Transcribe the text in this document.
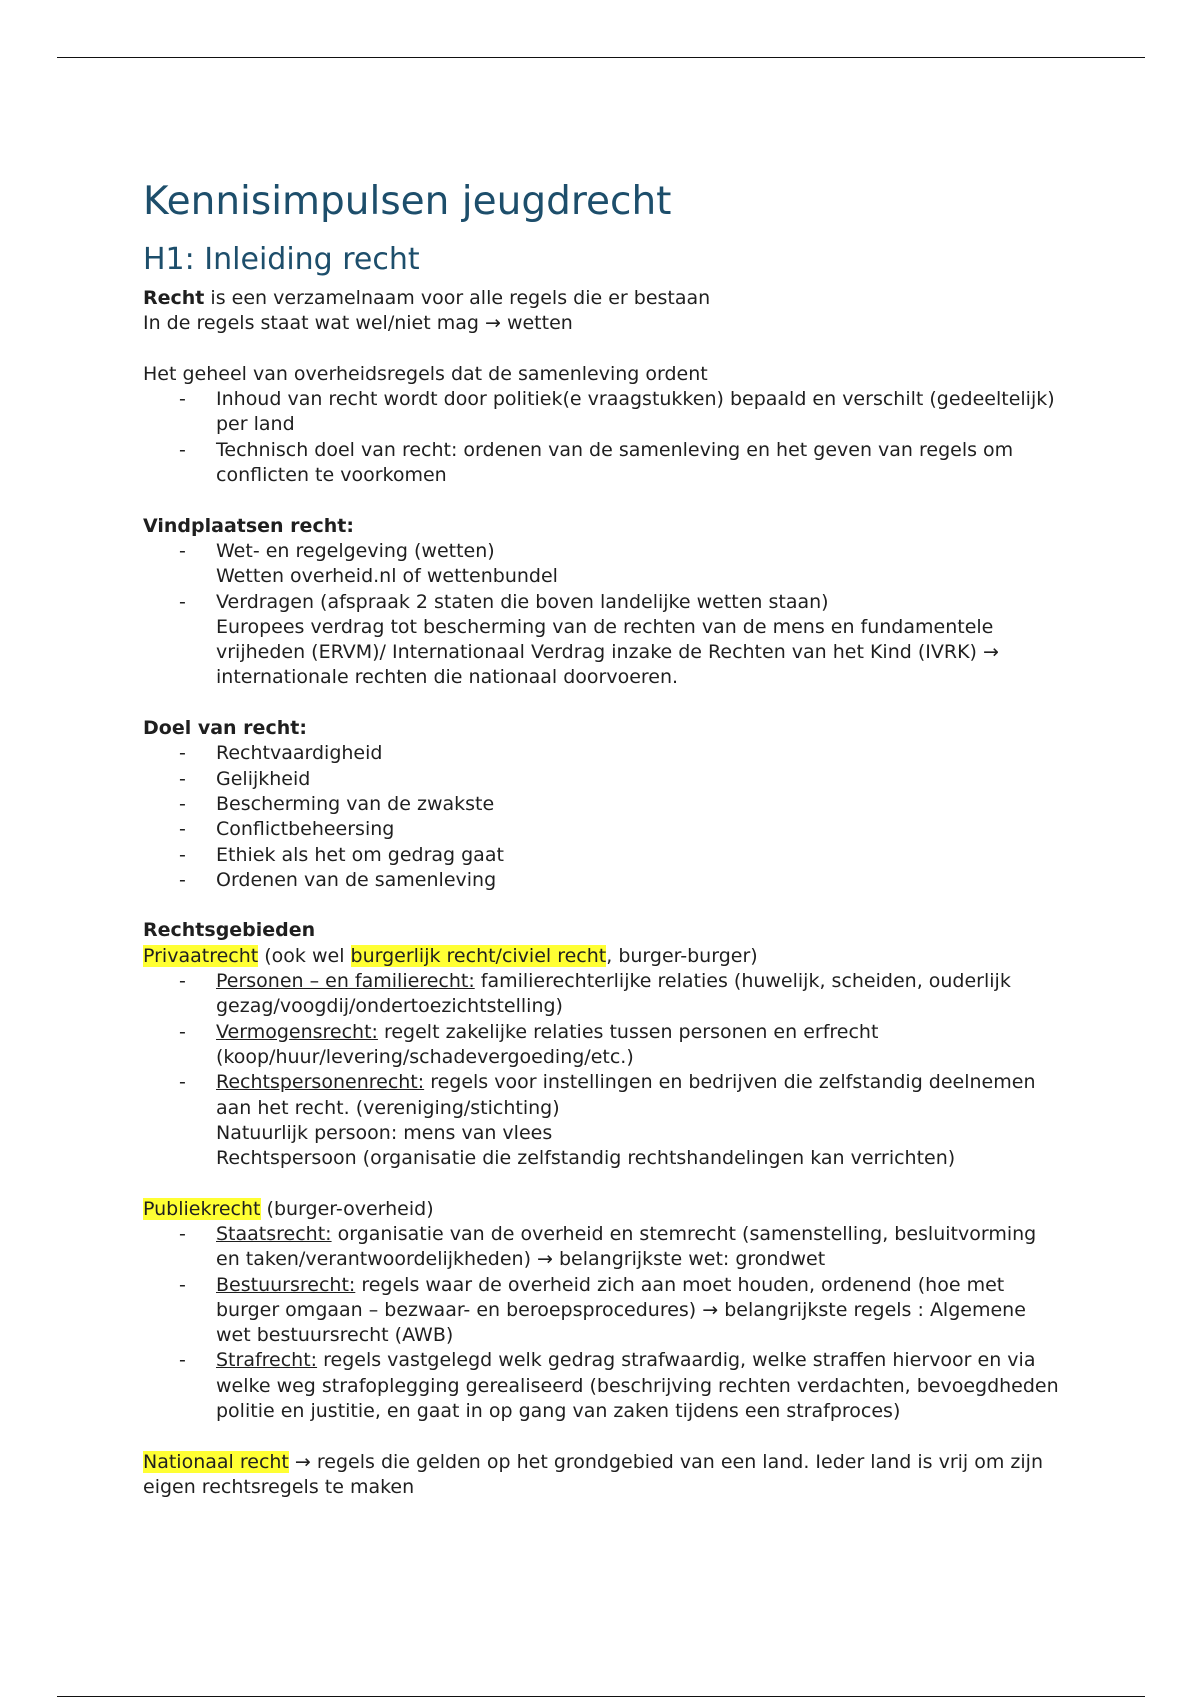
Kennisimpulsen jeugdrecht
H1: Inleiding recht

Recht is een verzamelnaam voor alle regels die er bestaan

In de regels staat wat wel/niet mag → wetten

Het geheel van overheidsregels dat de samenleving ordent

- Inhoud van recht wordt door politiek(e vraagstukken) bepaald en verschilt (gedeeltelijk) per land
- Technisch doel van recht: ordenen van de samenleving en het geven van regels om conflicten te voorkomen

Vindplaatsen recht:

- Wet- en regelgeving (wetten)
Wetten overheid.nl of wettenbundel
- Verdragen (afspraak 2 staten die boven landelijke wetten staan)
Europees verdrag tot bescherming van de rechten van de mens en fundamentele vrijheden (ERVM)/ Internationaal Verdrag inzake de Rechten van het Kind (IVRK) → internationale rechten die nationaal doorvoeren.

Doel van recht:

- Rechtvaardigheid
- Gelijkheid
- Bescherming van de zwakste
- Conflictbeheersing
- Ethiek als het om gedrag gaat
- Ordenen van de samenleving

Rechtsgebieden

Privaatrecht (ook wel burgerlijk recht/civiel recht, burger-burger)

- Personen – en familierecht: familierechterlijke relaties (huwelijk, scheiden, ouderlijk gezag/voogdij/ondertoezichtstelling)
- Vermogensrecht: regelt zakelijke relaties tussen personen en erfrecht (koop/huur/levering/schadevergoeding/etc.)
- Rechtspersonenrecht: regels voor instellingen en bedrijven die zelfstandig deelnemen aan het recht. (vereniging/stichting)
Natuurlijk persoon: mens van vlees
Rechtspersoon (organisatie die zelfstandig rechtshandelingen kan verrichten)

Publiekrecht (burger-overheid)

- Staatsrecht: organisatie van de overheid en stemrecht (samenstelling, besluitvorming en taken/verantwoordelijkheden) → belangrijkste wet: grondwet
- Bestuursrecht: regels waar de overheid zich aan moet houden, ordenend (hoe met burger omgaan – bezwaar- en beroepsprocedures) → belangrijkste regels : Algemene wet bestuursrecht (AWB)
- Strafrecht: regels vastgelegd welk gedrag strafwaardig, welke straffen hiervoor en via welke weg strafoplegging gerealiseerd (beschrijving rechten verdachten, bevoegdheden politie en justitie, en gaat in op gang van zaken tijdens een strafproces)

Nationaal recht → regels die gelden op het grondgebied van een land. Ieder land is vrij om zijn eigen rechtsregels te maken
